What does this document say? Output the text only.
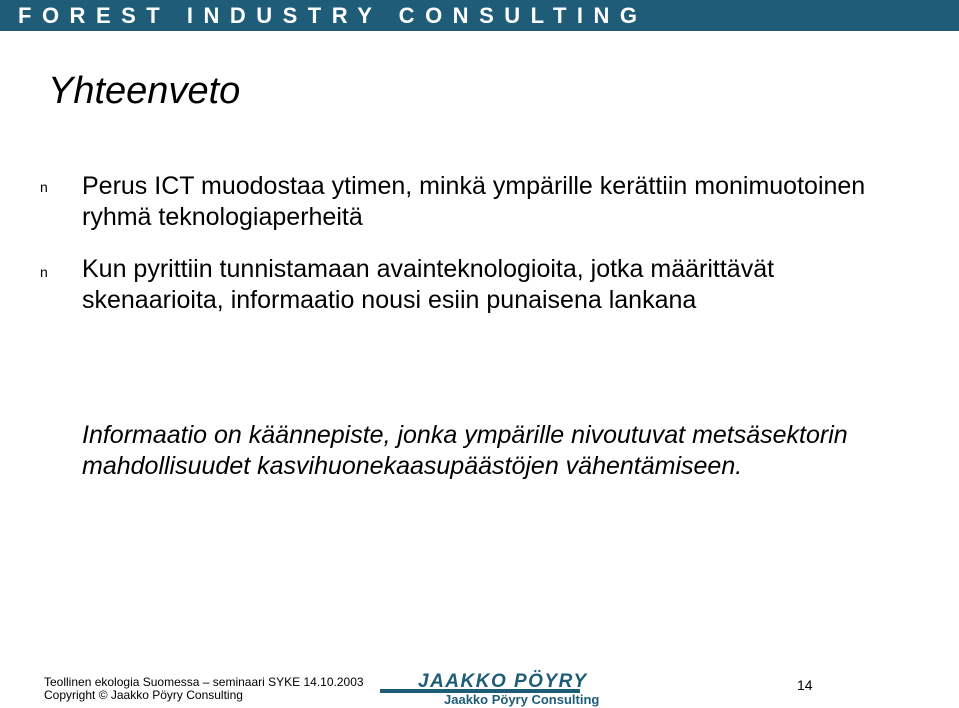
FOREST INDUSTRY CONSULTING
Yhteenveto
n Perus ICT muodostaa ytimen, minkä ympärille kerättiin monimuotoinen ryhmä teknologiaperheitä
n Kun pyrittiin tunnistamaan avainteknologioita, jotka määrittävät skenaarioita, informaatio nousi esiin punaisena lankana
Informaatio on käännepiste, jonka ympärille nivoutuvat metsäsektorin mahdollisuudet kasvihuonekaasupäästöjen vähentämiseen.
Teollinen ekologia Suomessa – seminaari SYKE 14.10.2003
Copyright © Jaakko Pöyry Consulting
JAAKKO PÖYRY
Jaakko Pöyry Consulting
14
